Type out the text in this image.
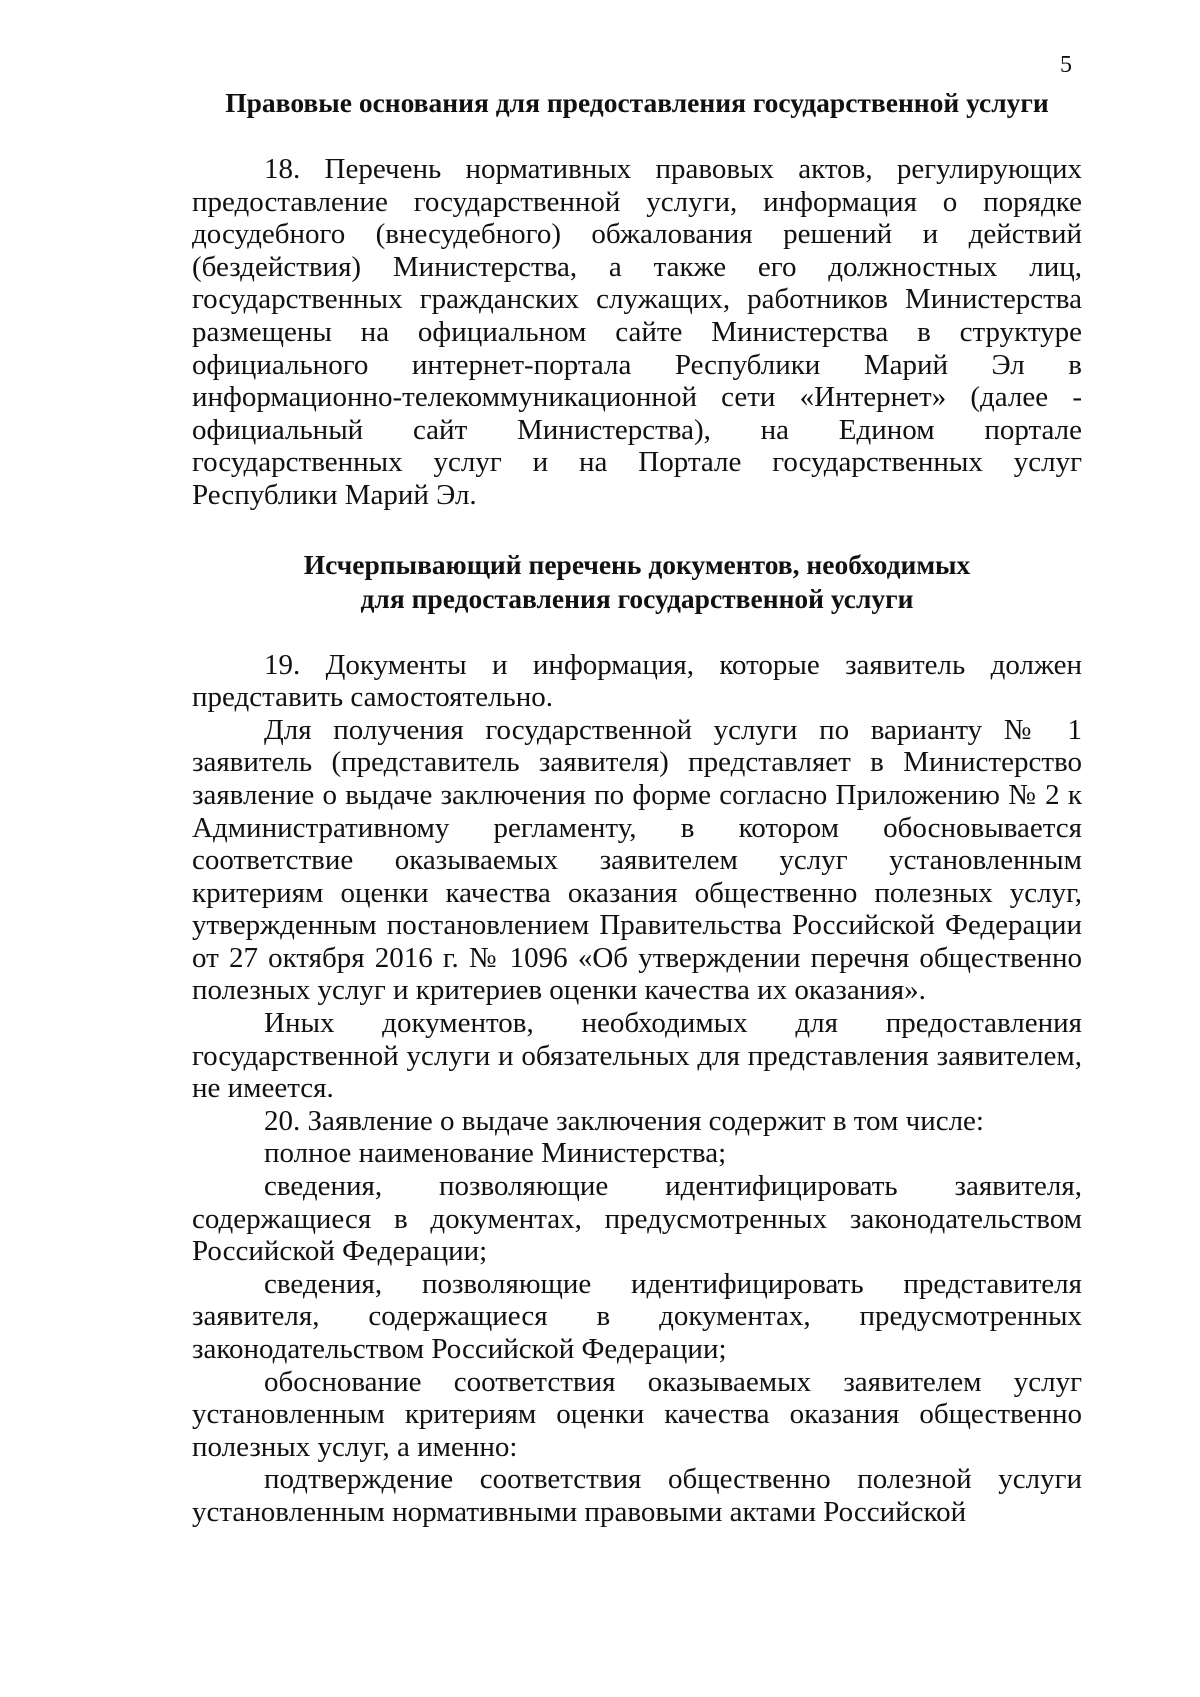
5
Правовые основания для предоставления государственной услуги

18. Перечень нормативных правовых актов, регулирующих предоставление государственной услуги, информация о порядке досудебного (внесудебного) обжалования решений и действий (бездействия) Министерства, а также его должностных лиц, государственных гражданских служащих, работников Министерства размещены на официальном сайте Министерства в структуре официального интернет-портала Республики Марий Эл в информационно-телекоммуникационной сети «Интернет» (далее - официальный сайт Министерства), на Едином портале государственных услуг и на Портале государственных услуг Республики Марий Эл.

Исчерпывающий перечень документов, необходимых
для предоставления государственной услуги

19. Документы и информация, которые заявитель должен представить самостоятельно.

Для получения государственной услуги по варианту № 1 заявитель (представитель заявителя) представляет в Министерство заявление о выдаче заключения по форме согласно Приложению № 2 к Административному регламенту, в котором обосновывается соответствие оказываемых заявителем услуг установленным критериям оценки качества оказания общественно полезных услуг, утвержденным постановлением Правительства Российской Федерации от 27 октября 2016 г. № 1096 «Об утверждении перечня общественно полезных услуг и критериев оценки качества их оказания».

Иных документов, необходимых для предоставления государственной услуги и обязательных для представления заявителем, не имеется.

20. Заявление о выдаче заключения содержит в том числе:

полное наименование Министерства;

сведения, позволяющие идентифицировать заявителя, содержащиеся в документах, предусмотренных законодательством Российской Федерации;

сведения, позволяющие идентифицировать представителя заявителя, содержащиеся в документах, предусмотренных законодательством Российской Федерации;

обоснование соответствия оказываемых заявителем услуг установленным критериям оценки качества оказания общественно полезных услуг, а именно:

подтверждение соответствия общественно полезной услуги установленным нормативными правовыми актами Российской
